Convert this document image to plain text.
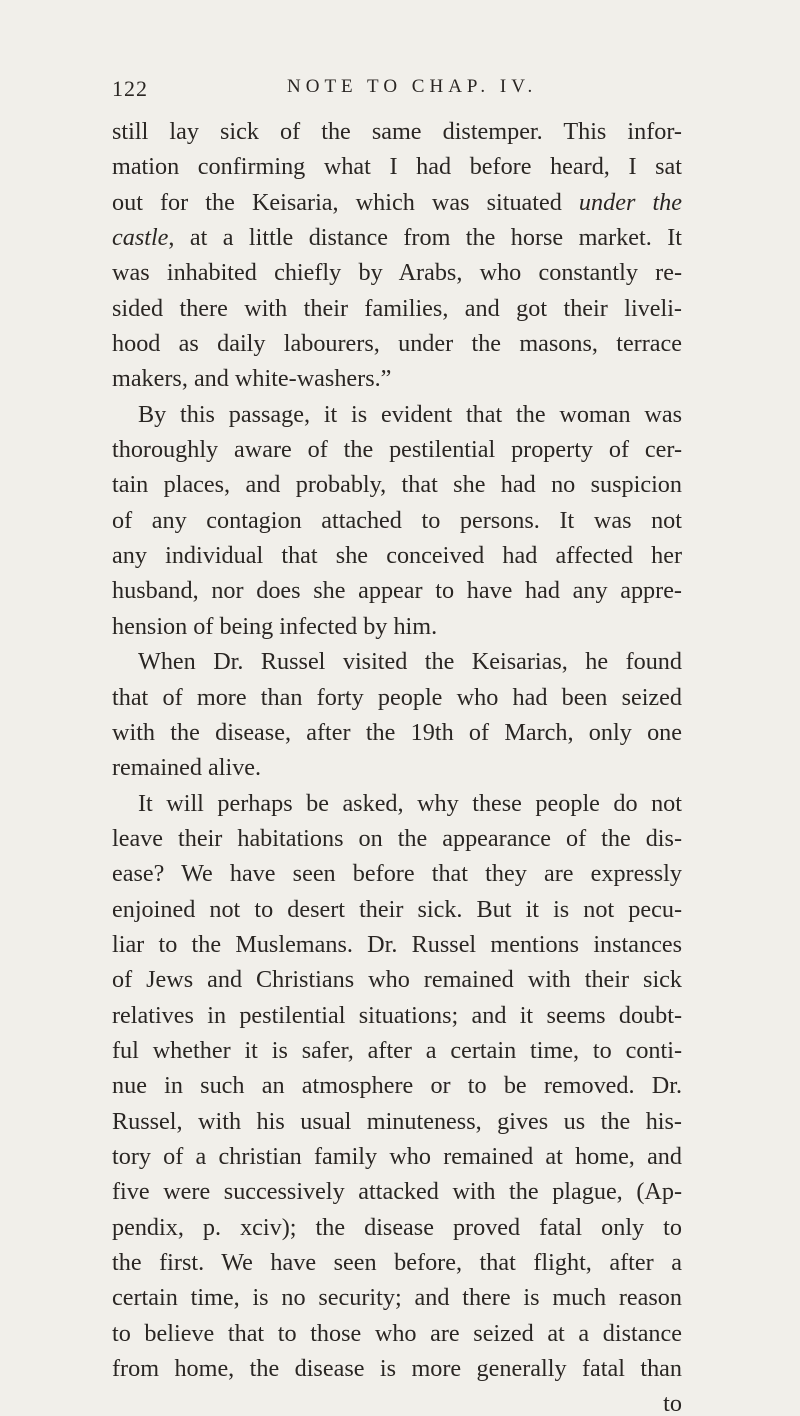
122	NOTE TO CHAP. IV.
still lay sick of the same distemper. This infor-
mation confirming what I had before heard, I sat
out for the Keisaria, which was situated under the
castle, at a little distance from the horse market. It
was inhabited chiefly by Arabs, who constantly re-
sided there with their families, and got their liveli-
hood as daily labourers, under the masons, terrace
makers, and white-washers.”
By this passage, it is evident that the woman was
thoroughly aware of the pestilential property of cer-
tain places, and probably, that she had no suspicion
of any contagion attached to persons. It was not
any individual that she conceived had affected her
husband, nor does she appear to have had any appre-
hension of being infected by him.
When Dr. Russel visited the Keisarias, he found
that of more than forty people who had been seized
with the disease, after the 19th of March, only one
remained alive.
It will perhaps be asked, why these people do not
leave their habitations on the appearance of the dis-
ease? We have seen before that they are expressly
enjoined not to desert their sick. But it is not pecu-
liar to the Muslemans. Dr. Russel mentions instances
of Jews and Christians who remained with their sick
relatives in pestilential situations; and it seems doubt-
ful whether it is safer, after a certain time, to conti-
nue in such an atmosphere or to be removed. Dr.
Russel, with his usual minuteness, gives us the his-
tory of a christian family who remained at home, and
five were successively attacked with the plague, (Ap-
pendix, p. xciv); the disease proved fatal only to
the first. We have seen before, that flight, after a
certain time, is no security; and there is much reason
to believe that to those who are seized at a distance
from home, the disease is more generally fatal than
to
